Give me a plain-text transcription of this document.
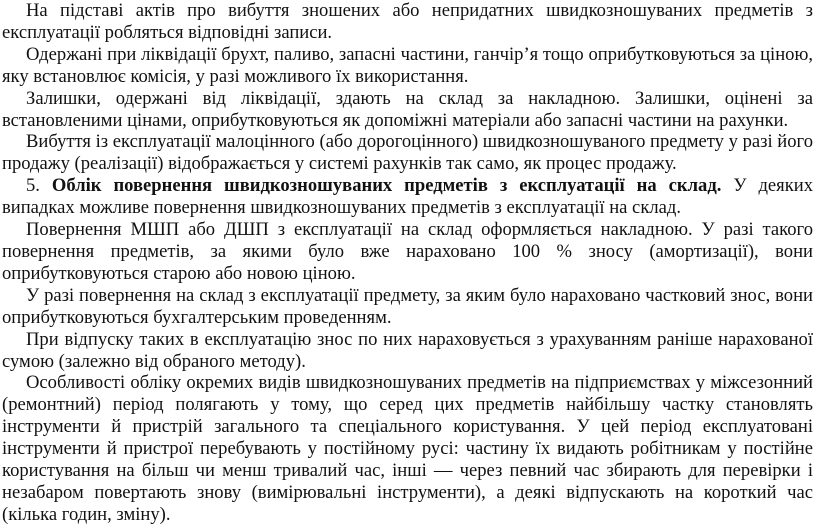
На підставі актів про вибуття зношених або непридатних швидкозношуваних предметів з експлуатації робляться відповідні записи.

Одержані при ліквідації брухт, паливо, запасні частини, ганчір’я тощо оприбутковуються за ціною, яку встановлює комісія, у разі можливого їх використання.

Залишки, одержані від ліквідації, здають на склад за накладною. Залишки, оцінені за встановленими цінами, оприбутковуються як допоміжні матеріали або запасні частини на рахунки.

Вибуття із експлуатації малоцінного (або дорогоцінного) швидкозношуваного предмету у разі його продажу (реалізації) відображається у системі рахунків так само, як процес продажу.

5. Облік повернення швидкозношуваних предметів з експлуатації на склад. У деяких випадках можливе повернення швидкозношуваних предметів з експлуатації на склад.

Повернення МШП або ДШП з експлуатації на склад оформляється накладною. У разі такого повернення предметів, за якими було вже нараховано 100 % зносу (амортизації), вони оприбутковуються старою або новою ціною.

У разі повернення на склад з експлуатації предмету, за яким було нараховано частковий знос, вони оприбутковуються бухгалтерським проведенням.

При відпуску таких в експлуатацію знос по них нараховується з урахуванням раніше нарахованої сумою (залежно від обраного методу).

Особливості обліку окремих видів швидкозношуваних предметів на підприємствах у міжсезонний (ремонтний) період полягають у тому, що серед цих предметів найбільшу частку становлять інструменти й пристрій загального та спеціального користування. У цей період експлуатовані інструменти й пристрої перебувають у постійному русі: частину їх видають робітникам у постійне користування на більш чи менш тривалий час, інші — через певний час збирають для перевірки і незабаром повертають знову (вимірювальні інструменти), а деякі відпускають на короткий час (кілька годин, зміну).
